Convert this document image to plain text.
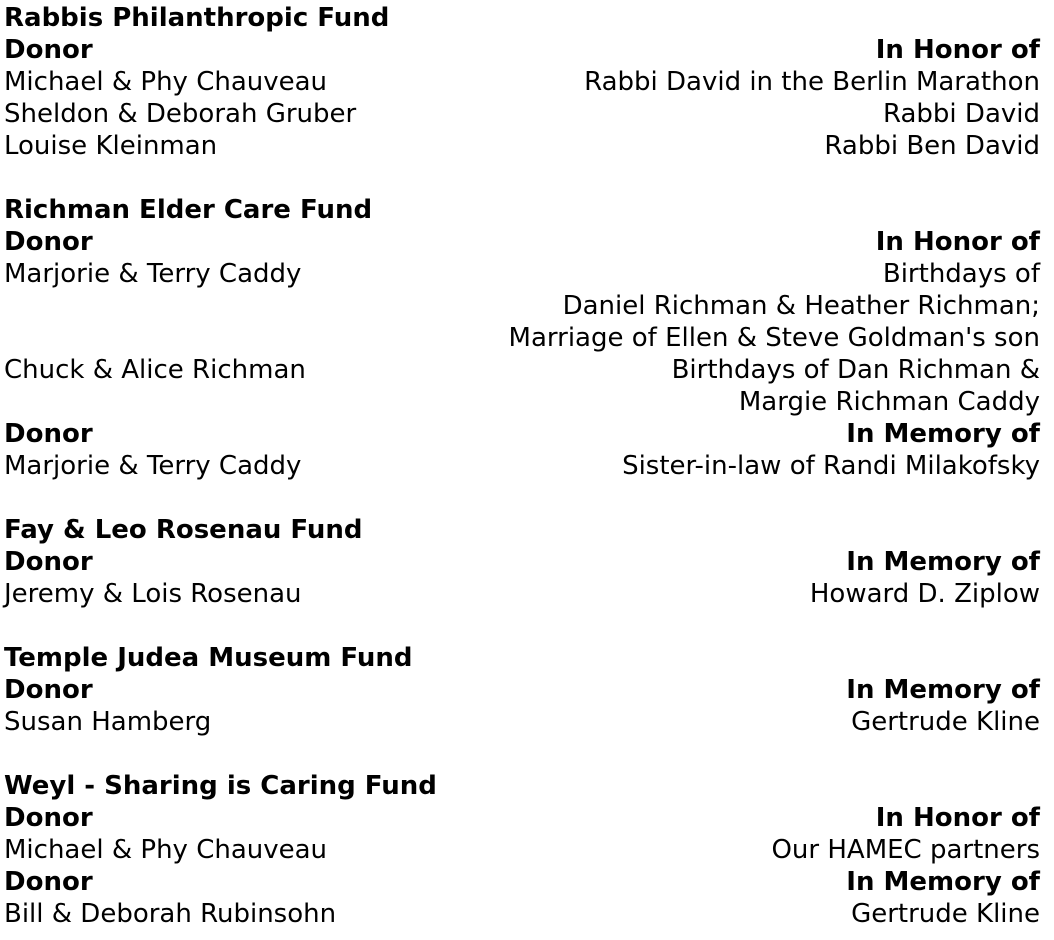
Rabbis Philanthropic Fund
Donor	In Honor of
Michael & Phy Chauveau	Rabbi David in the Berlin Marathon
Sheldon & Deborah Gruber	Rabbi David
Louise Kleinman	Rabbi Ben David
Richman Elder Care Fund
Donor	In Honor of
Marjorie & Terry Caddy	Birthdays of
Daniel Richman & Heather Richman;
Marriage of Ellen & Steve Goldman's son
Chuck & Alice Richman	Birthdays of Dan Richman &
Margie Richman Caddy
Donor	In Memory of
Marjorie & Terry Caddy	Sister-in-law of Randi Milakofsky
Fay & Leo Rosenau Fund
Donor	In Memory of
Jeremy & Lois Rosenau	Howard D. Ziplow
Temple Judea Museum Fund
Donor	In Memory of
Susan Hamberg	Gertrude Kline
Weyl - Sharing is Caring Fund
Donor	In Honor of
Michael & Phy Chauveau	Our HAMEC partners
Donor	In Memory of
Bill & Deborah Rubinsohn	Gertrude Kline
